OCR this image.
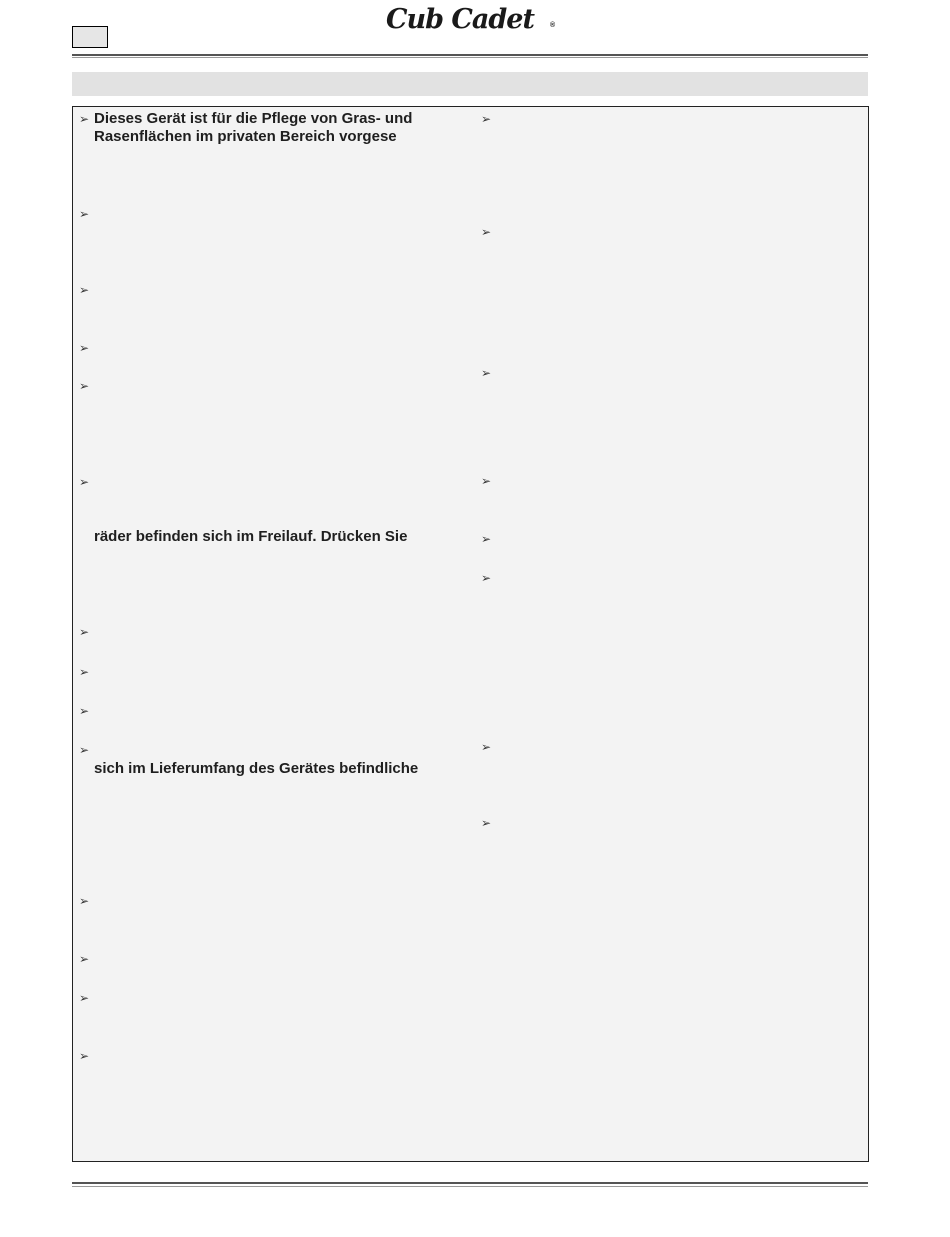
Cub Cadet ®
➢ Dieses Gerät ist für die Pflege von Gras- und
Rasenflächen im privaten Bereich vorgese
➢
➢
➢
➢
➢
räder befinden sich im Freilauf. Drücken Sie
➢
➢
➢
➢
sich im Lieferumfang des Gerätes befindliche
➢
➢
➢
➢
➢
➢
➢
➢
➢
➢
➢
➢
